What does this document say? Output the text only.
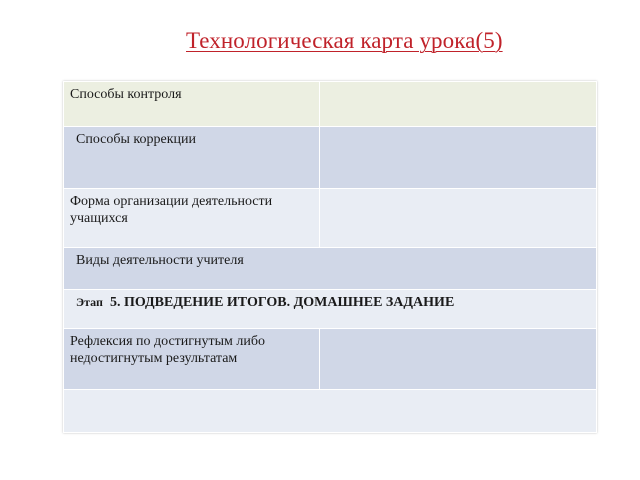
Технологическая карта урока(5)
Способы контроля	
Способы коррекции	
Форма организации деятельности учащихся	
Виды деятельности учителя	
Этап 5. ПОДВЕДЕНИЕ ИТОГОВ. ДОМАШНЕЕ ЗАДАНИЕ	
Рефлексия по достигнутым либо недостигнутым результатам	
